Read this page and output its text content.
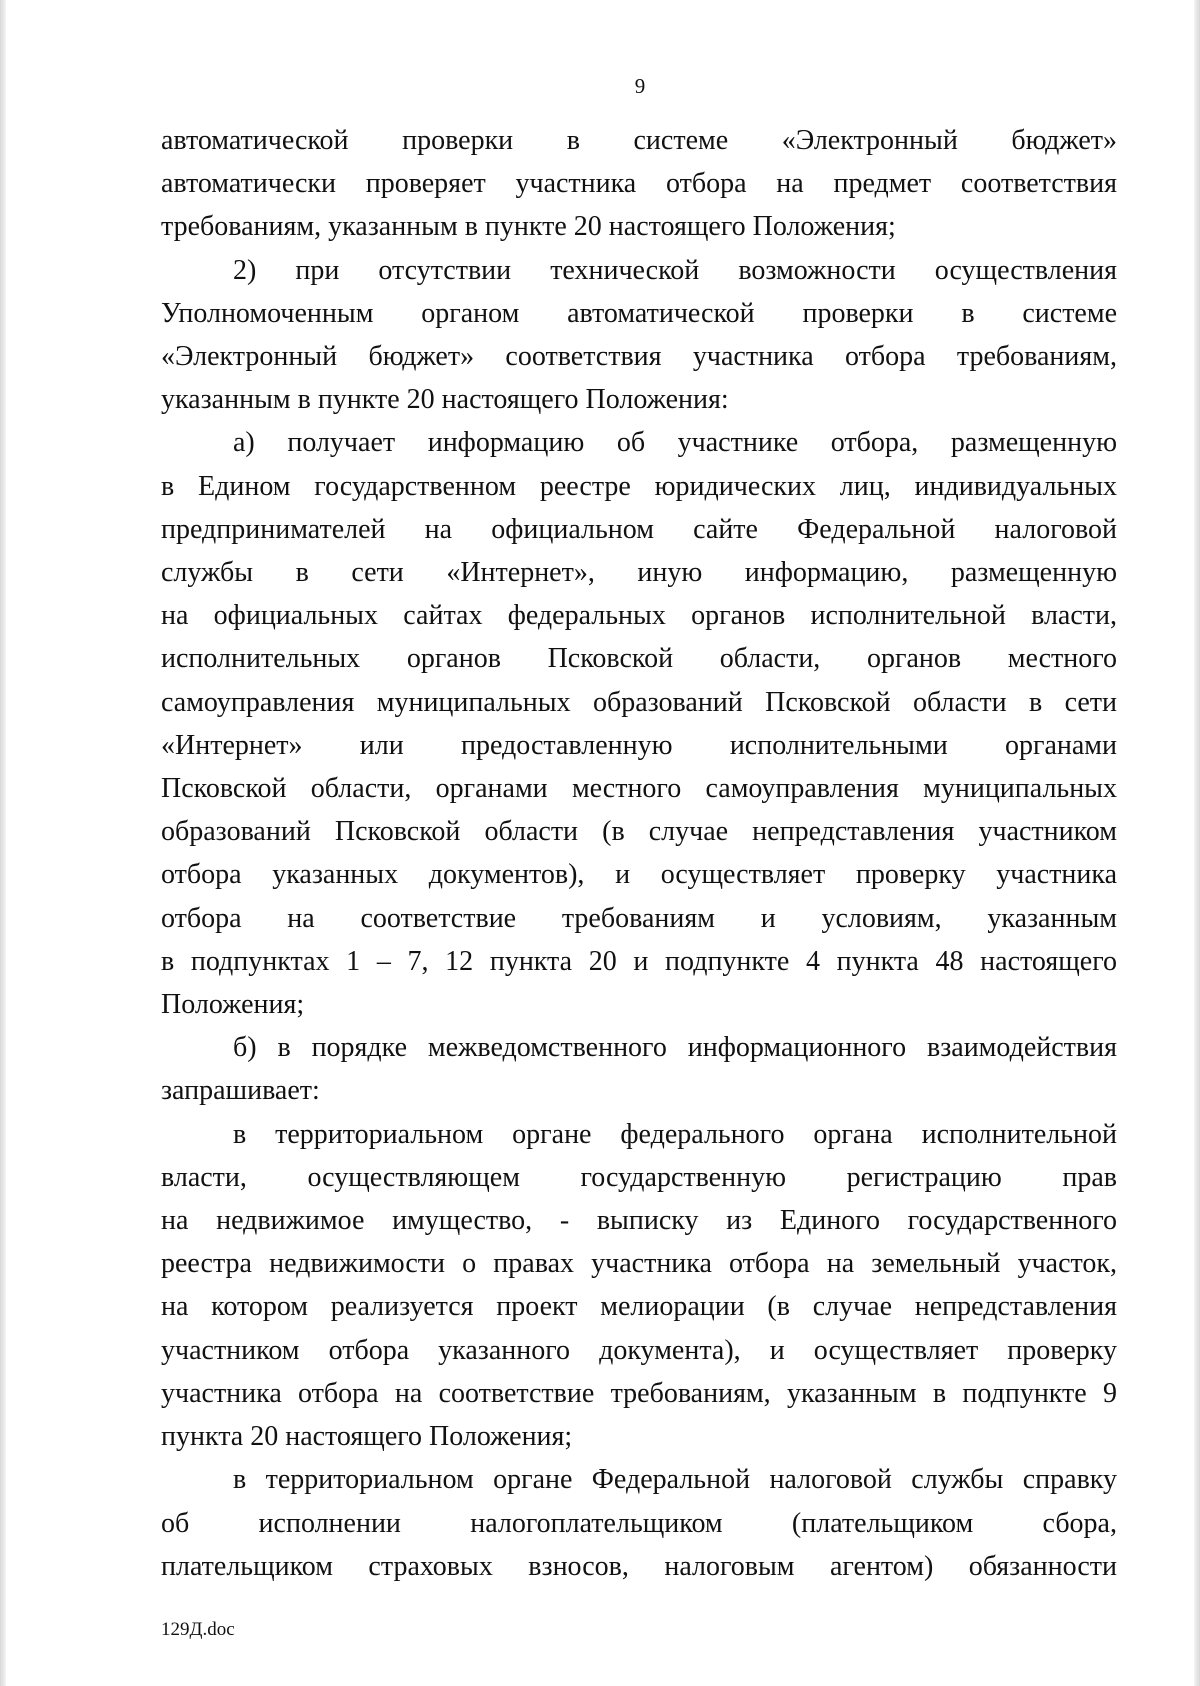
9
автоматической проверки в системе «Электронный бюджет»
автоматически проверяет участника отбора на предмет соответствия
требованиям, указанным в пункте 20 настоящего Положения;
2) при отсутствии технической возможности осуществления
Уполномоченным органом автоматической проверки в системе
«Электронный бюджет» соответствия участника отбора требованиям,
указанным в пункте 20 настоящего Положения:
а) получает информацию об участнике отбора, размещенную
в Едином государственном реестре юридических лиц, индивидуальных
предпринимателей на официальном сайте Федеральной налоговой
службы в сети «Интернет», иную информацию, размещенную
на официальных сайтах федеральных органов исполнительной власти,
исполнительных органов Псковской области, органов местного
самоуправления муниципальных образований Псковской области в сети
«Интернет» или предоставленную исполнительными органами
Псковской области, органами местного самоуправления муниципальных
образований Псковской области (в случае непредставления участником
отбора указанных документов), и осуществляет проверку участника
отбора на соответствие требованиям и условиям, указанным
в подпунктах 1 – 7, 12 пункта 20 и подпункте 4 пункта 48 настоящего
Положения;
б) в порядке межведомственного информационного взаимодействия
запрашивает:
в территориальном органе федерального органа исполнительной
власти, осуществляющем государственную регистрацию прав
на недвижимое имущество, - выписку из Единого государственного
реестра недвижимости о правах участника отбора на земельный участок,
на котором реализуется проект мелиорации (в случае непредставления
участником отбора указанного документа), и осуществляет проверку
участника отбора на соответствие требованиям, указанным в подпункте 9
пункта 20 настоящего Положения;
в территориальном органе Федеральной налоговой службы справку
об исполнении налогоплательщиком (плательщиком сбора,
плательщиком страховых взносов, налоговым агентом) обязанности
129Д.doc
